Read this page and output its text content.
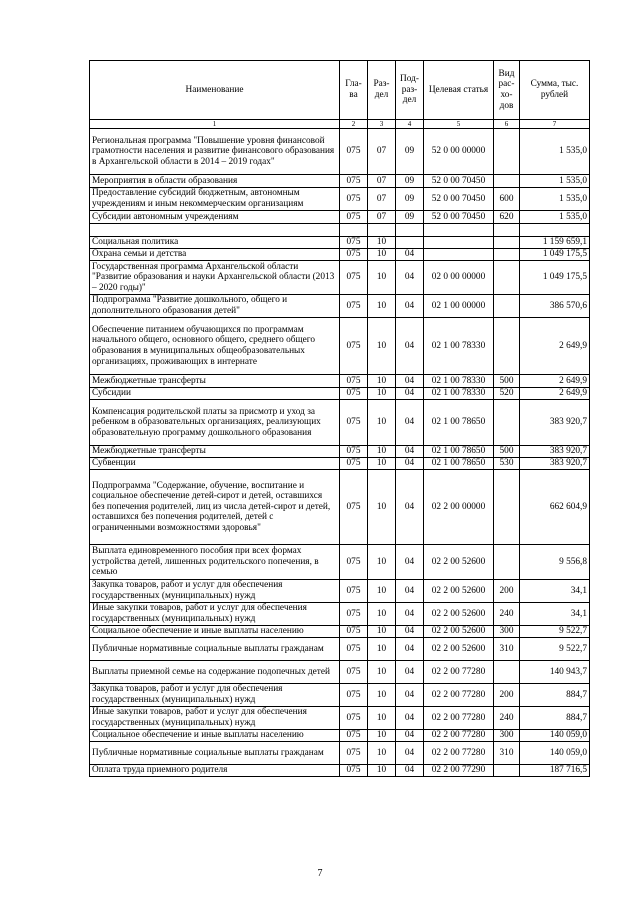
Наименование	Гла-ва	Раз-дел	Под-раз-дел	Целевая статья	Вид рас-хо-дов	Сумма, тыс. рублей
1	2	3	4	5	6	7
Региональная программа "Повышение уровня финансовой грамотности населения и развитие финансового образования в Архангельской области в 2014 – 2019 годах"	075	07	09	52 0 00 00000		1 535,0
Мероприятия в области образования	075	07	09	52 0 00 70450		1 535,0
Предоставление субсидий бюджетным, автономным учреждениям и иным некоммерческим организациям	075	07	09	52 0 00 70450	600	1 535,0
Субсидии автономным учреждениям	075	07	09	52 0 00 70450	620	1 535,0

Социальная политика	075	10				1 159 659,1
Охрана семьи и детства	075	10	04			1 049 175,5
Государственная программа Архангельской области "Развитие образования и науки Архангельской области (2013 – 2020 годы)"	075	10	04	02 0 00 00000		1 049 175,5
Подпрограмма "Развитие дошкольного, общего и дополнительного образования детей"	075	10	04	02 1 00 00000		386 570,6
Обеспечение питанием обучающихся по программам начального общего, основного общего, среднего общего образования в муниципальных общеобразовательных организациях, проживающих в интернате	075	10	04	02 1 00 78330		2 649,9
Межбюджетные трансферты	075	10	04	02 1 00 78330	500	2 649,9
Субсидии	075	10	04	02 1 00 78330	520	2 649,9
Компенсация родительской платы за присмотр и уход за ребенком в образовательных организациях, реализующих образовательную программу дошкольного образования	075	10	04	02 1 00 78650		383 920,7
Межбюджетные трансферты	075	10	04	02 1 00 78650	500	383 920,7
Субвенции	075	10	04	02 1 00 78650	530	383 920,7
Подпрограмма "Содержание, обучение, воспитание и социальное обеспечение детей-сирот и детей, оставшихся без попечения родителей, лиц из числа детей-сирот и детей, оставшихся без попечения родителей, детей с ограниченными возможностями здоровья"	075	10	04	02 2 00 00000		662 604,9
Выплата единовременного пособия при всех формах устройства детей, лишенных родительского попечения, в семью	075	10	04	02 2 00 52600		9 556,8
Закупка товаров, работ и услуг для обеспечения государственных (муниципальных) нужд	075	10	04	02 2 00 52600	200	34,1
Иные закупки товаров, работ и услуг для обеспечения государственных (муниципальных) нужд	075	10	04	02 2 00 52600	240	34,1
Социальное обеспечение и иные выплаты населению	075	10	04	02 2 00 52600	300	9 522,7
Публичные нормативные социальные выплаты гражданам	075	10	04	02 2 00 52600	310	9 522,7
Выплаты приемной семье на содержание подопечных детей	075	10	04	02 2 00 77280		140 943,7
Закупка товаров, работ и услуг для обеспечения государственных (муниципальных) нужд	075	10	04	02 2 00 77280	200	884,7
Иные закупки товаров, работ и услуг для обеспечения государственных (муниципальных) нужд	075	10	04	02 2 00 77280	240	884,7
Социальное обеспечение и иные выплаты населению	075	10	04	02 2 00 77280	300	140 059,0
Публичные нормативные социальные выплаты гражданам	075	10	04	02 2 00 77280	310	140 059,0
Оплата труда приемного родителя	075	10	04	02 2 00 77290		187 716,5
7
